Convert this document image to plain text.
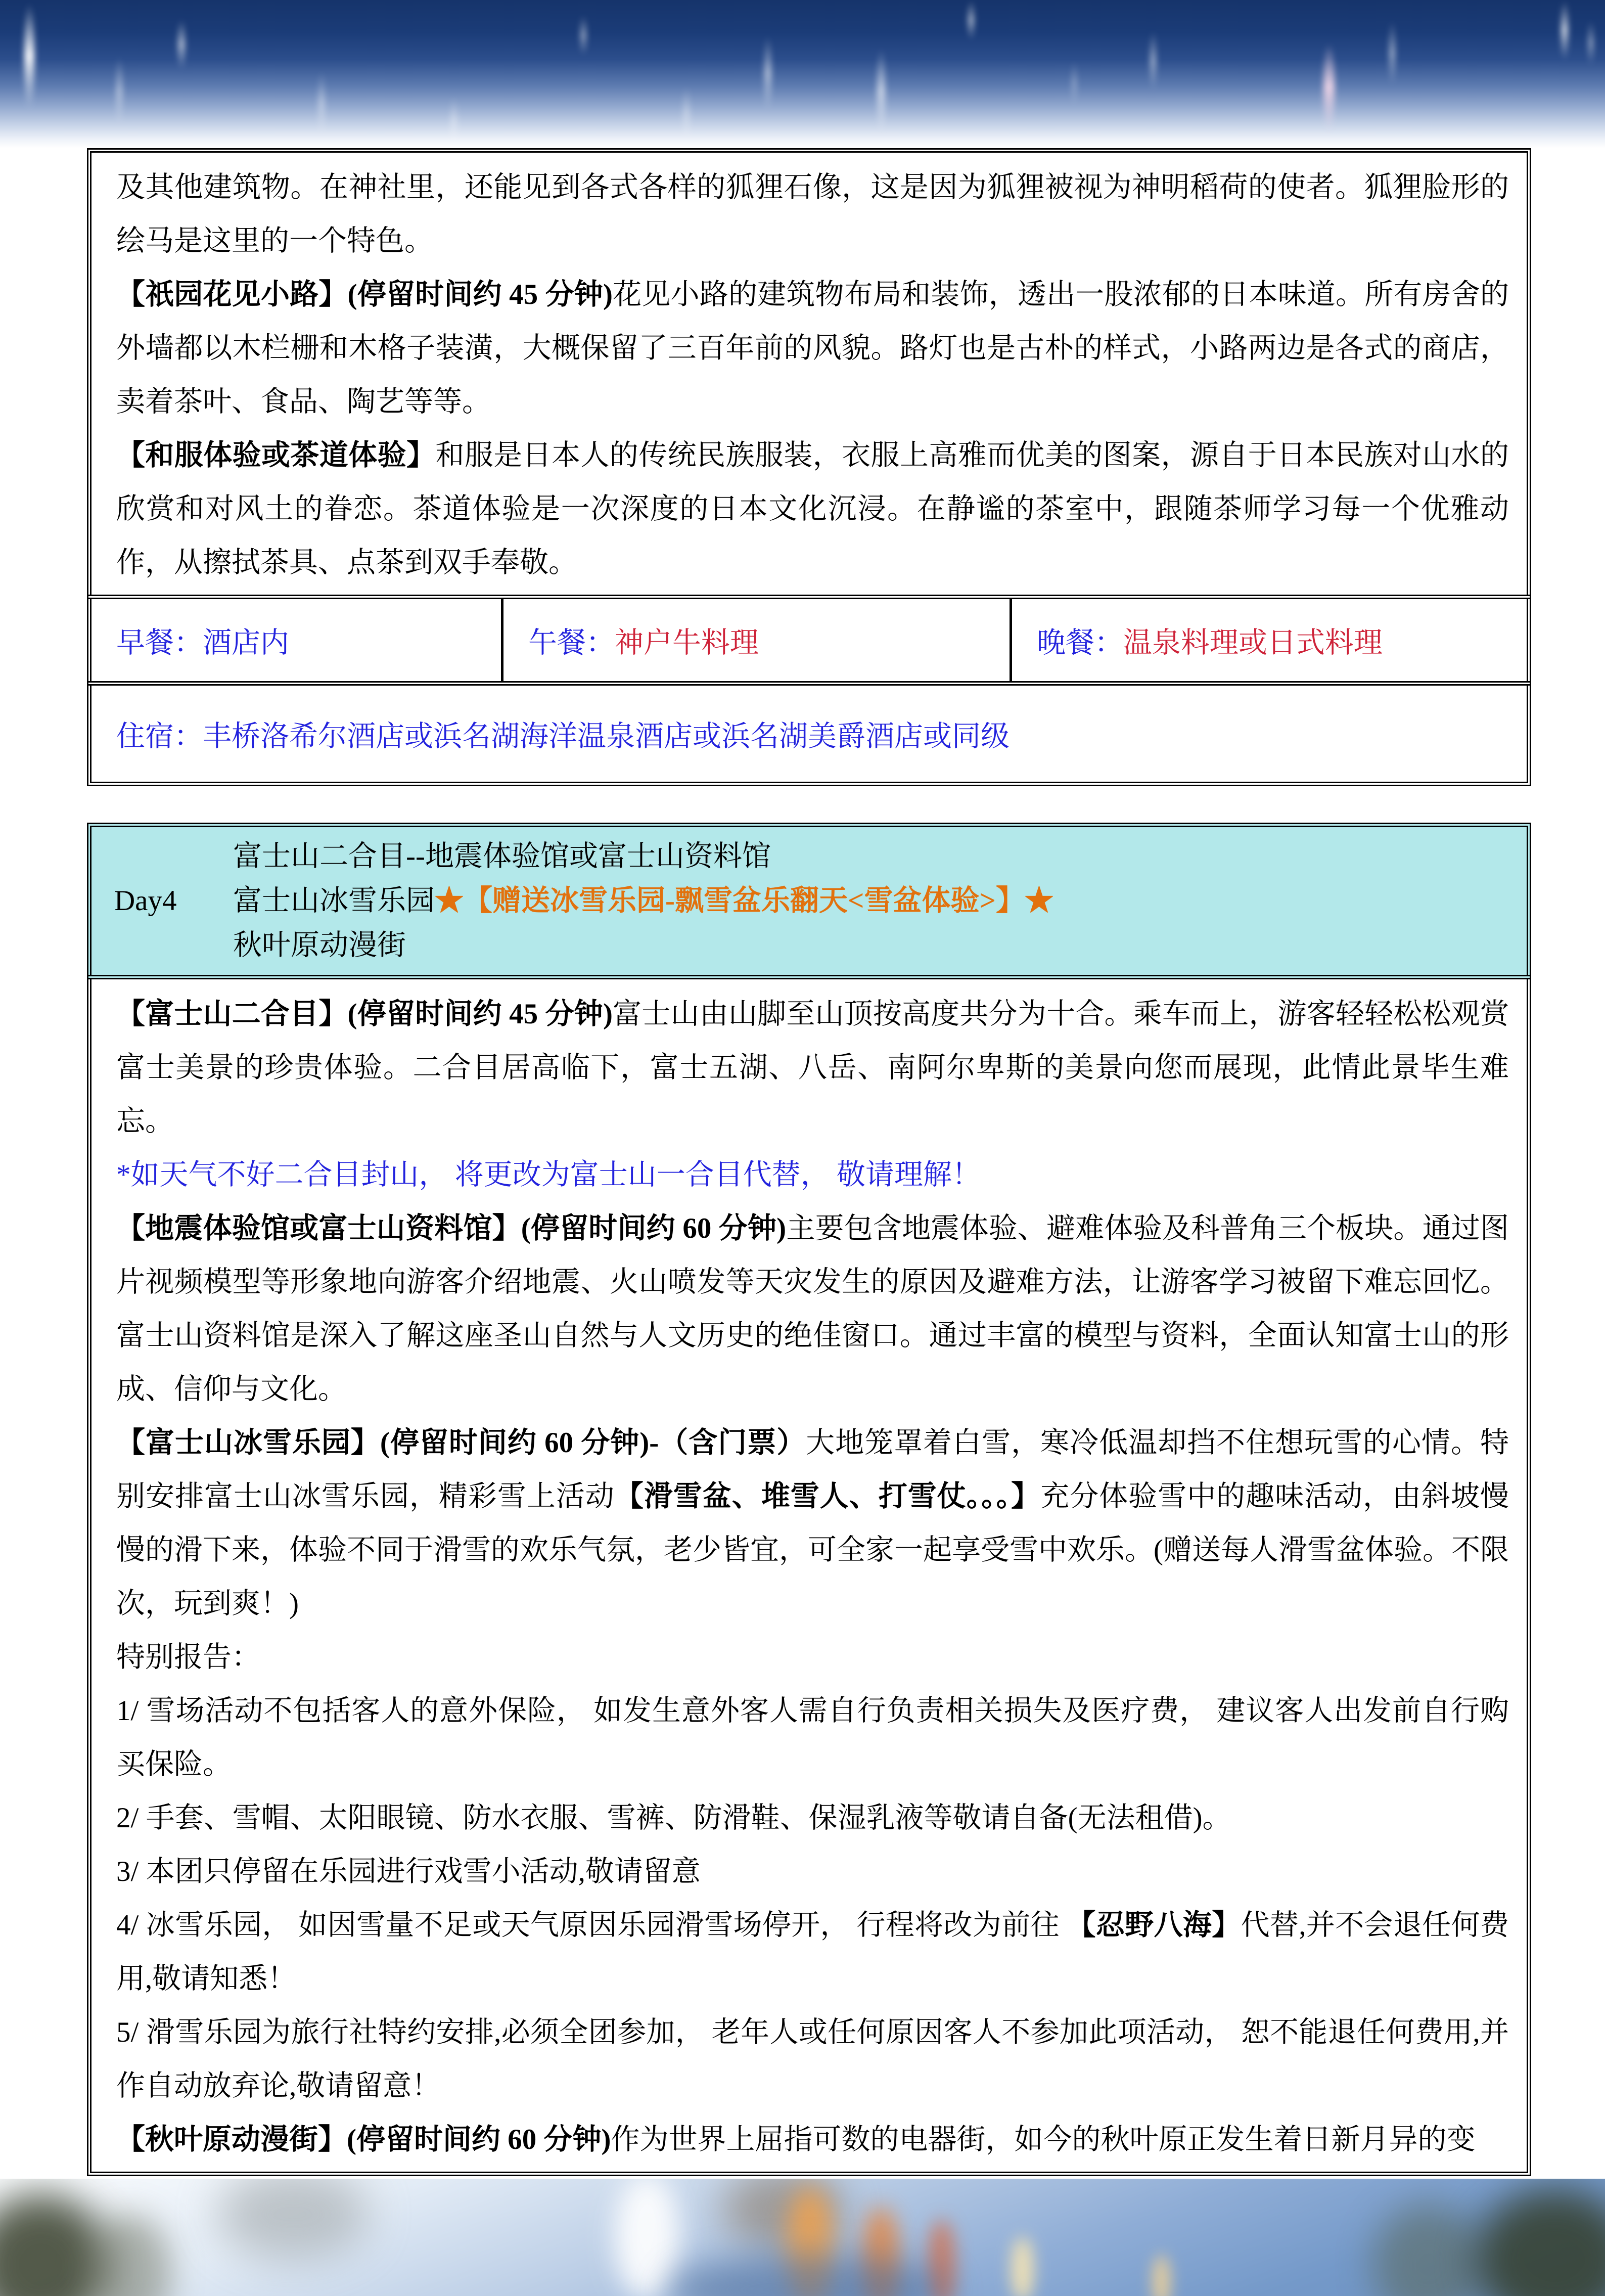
及其他建筑物。在神社里，还能见到各式各样的狐狸石像，这是因为狐狸被视为神明稻荷的使者。狐狸脸形的绘马是这里的一个特色。

【祇园花见小路】(停留时间约 45 分钟)花见小路的建筑物布局和装饰，透出一股浓郁的日本味道。所有房舍的外墙都以木栏栅和木格子装潢，大概保留了三百年前的风貌。路灯也是古朴的样式，小路两边是各式的商店，卖着茶叶、食品、陶艺等等。

【和服体验或茶道体验】和服是日本人的传统民族服装，衣服上高雅而优美的图案，源自于日本民族对山水的欣赏和对风土的眷恋。茶道体验是一次深度的日本文化沉浸。在静谧的茶室中，跟随茶师学习每一个优雅动作，从擦拭茶具、点茶到双手奉敬。

早餐：酒店内	午餐：神户牛料理	晚餐：温泉料理或日式料理
住宿：丰桥洛希尔酒店或浜名湖海洋温泉酒店或浜名湖美爵酒店或同级
Day4
富士山二合目--地震体验馆或富士山资料馆
富士山冰雪乐园★【赠送冰雪乐园-飘雪盆乐翻天<雪盆体验>】★
秋叶原动漫街

【富士山二合目】(停留时间约 45 分钟)富士山由山脚至山顶按高度共分为十合。乘车而上，游客轻轻松松观赏富士美景的珍贵体验。二合目居高临下，富士五湖、八岳、南阿尔卑斯的美景向您而展现，此情此景毕生难忘。

*如天气不好二合目封山， 将更改为富士山一合目代替， 敬请理解！

【地震体验馆或富士山资料馆】(停留时间约 60 分钟)主要包含地震体验、避难体验及科普角三个板块。通过图片视频模型等形象地向游客介绍地震、火山喷发等天灾发生的原因及避难方法，让游客学习被留下难忘回忆。富士山资料馆是深入了解这座圣山自然与人文历史的绝佳窗口。通过丰富的模型与资料，全面认知富士山的形成、信仰与文化。

【富士山冰雪乐园】(停留时间约 60 分钟)-（含门票）大地笼罩着白雪，寒冷低温却挡不住想玩雪的心情。特别安排富士山冰雪乐园，精彩雪上活动【滑雪盆、堆雪人、打雪仗。。。】充分体验雪中的趣味活动，由斜坡慢慢的滑下来，体验不同于滑雪的欢乐气氛，老少皆宜，可全家一起享受雪中欢乐。(赠送每人滑雪盆体验。不限次，玩到爽！)

特别报告：

1/ 雪场活动不包括客人的意外保险， 如发生意外客人需自行负责相关损失及医疗费， 建议客人出发前自行购买保险。

2/ 手套、雪帽、太阳眼镜、防水衣服、雪裤、防滑鞋、保湿乳液等敬请自备(无法租借)。

3/ 本团只停留在乐园进行戏雪小活动,敬请留意

4/ 冰雪乐园， 如因雪量不足或天气原因乐园滑雪场停开， 行程将改为前往 【忍野八海】代替,并不会退任何费用,敬请知悉！

5/ 滑雪乐园为旅行社特约安排,必须全团参加， 老年人或任何原因客人不参加此项活动， 恕不能退任何费用,并作自动放弃论,敬请留意！

【秋叶原动漫街】(停留时间约 60 分钟)作为世界上屈指可数的电器街，如今的秋叶原正发生着日新月异的变
